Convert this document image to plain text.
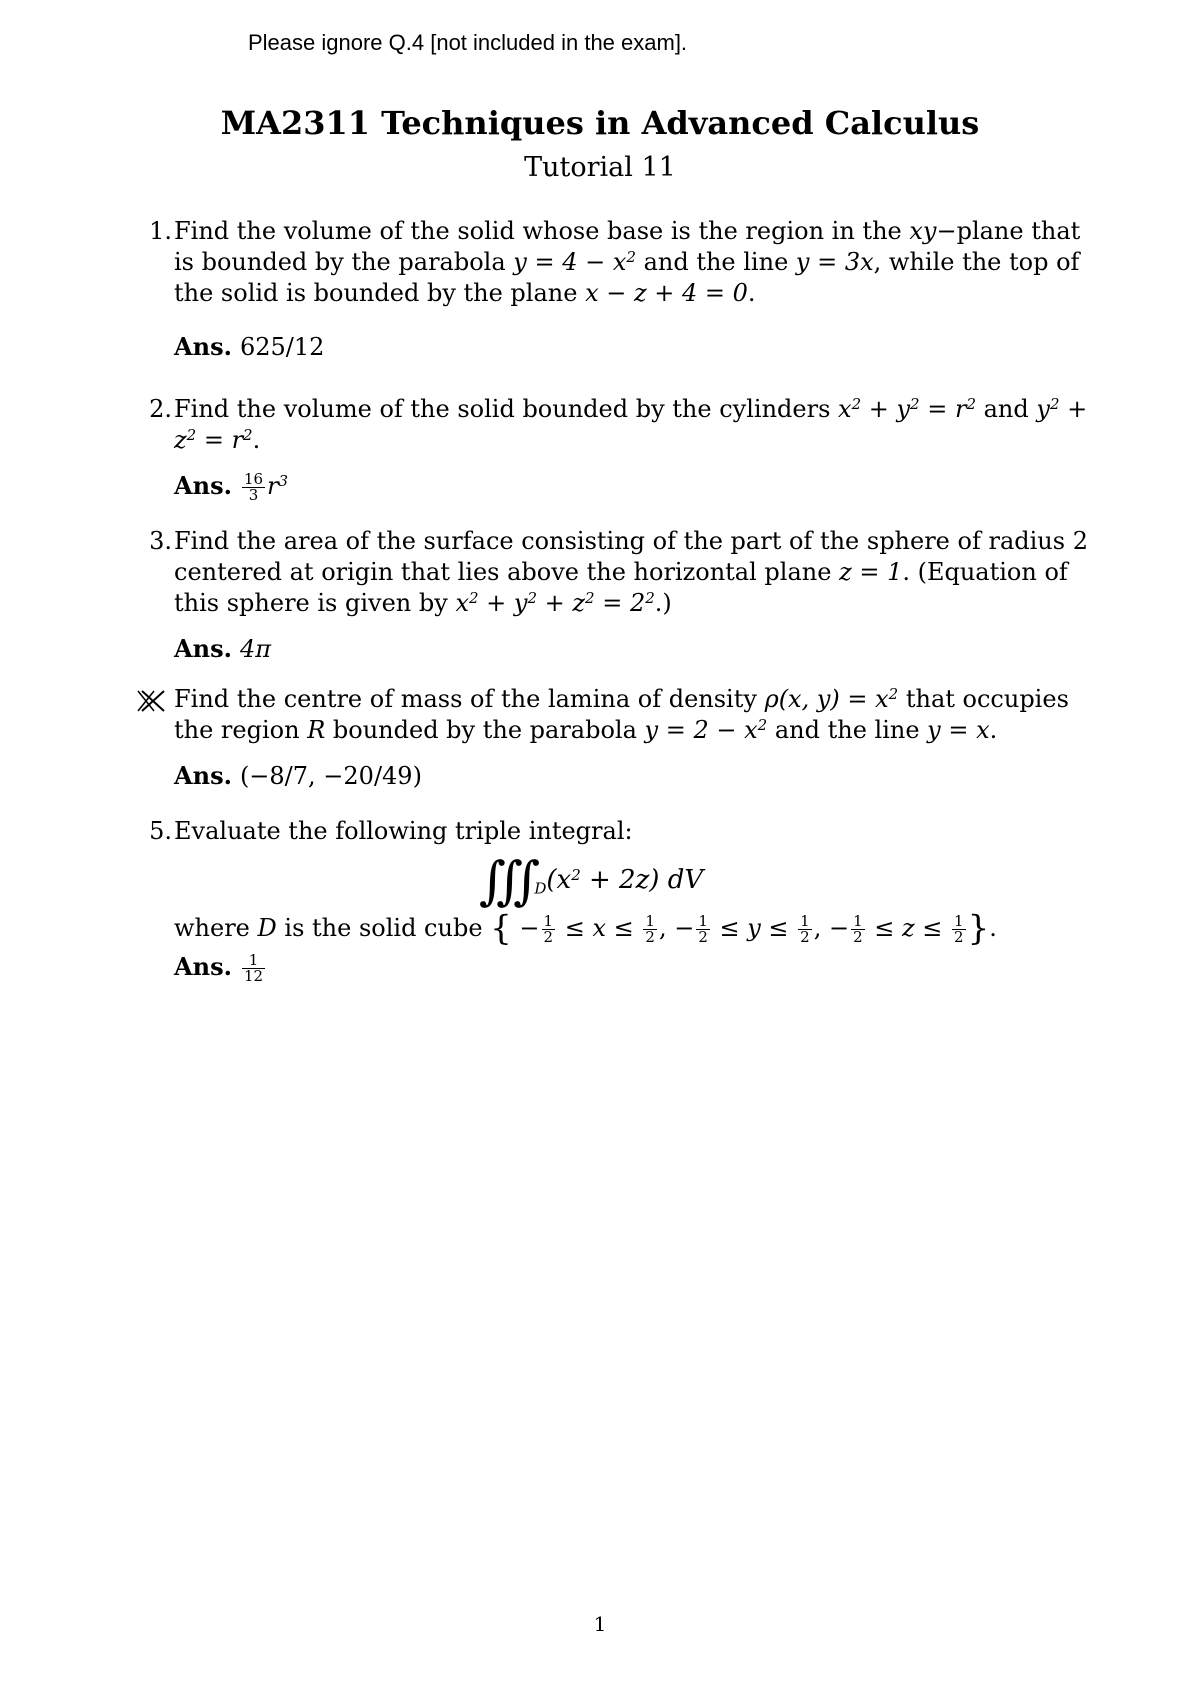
Please ignore Q.4 [not included in the exam].
MA2311 Techniques in Advanced Calculus
Tutorial 11
1. Find the volume of the solid whose base is the region in the xy−plane that is bounded by the parabola $y = 4 - x^2$ and the line y = 3x, while the top of the solid is bounded by the plane x − z + 4 = 0.
Ans. 625/12
2. Find the volume of the solid bounded by the cylinders $x^2 + y^2 = r^2$ and $y^2 + z^2 = r^2$.
Ans. $\frac{16}{3} r^3$
3. Find the area of the surface consisting of the part of the sphere of radius 2 centered at origin that lies above the horizontal plane z = 1. (Equation of this sphere is given by $x^2 + y^2 + z^2 = 2^2$.)
Ans. 4π
Find the centre of mass of the lamina of density ρ(x, $y) = x^2$ that occupies the region R bounded by the parabola $y = 2 - x^2$ and the line y = x.
Ans. (−8/7, −20/49)
5. Evaluate the following triple integral:
$∭_D(x^2 + 2z)$ dV
where D is the solid cube { − $\frac{1}{2} \le x \le \frac{1}{2}$ , − $\frac{1}{2} \le y \le \frac{1}{2}$ , − $\frac{1}{2} \le z \le \frac{1}{2}$ }.
Ans. $\frac{1}{12}$
1
